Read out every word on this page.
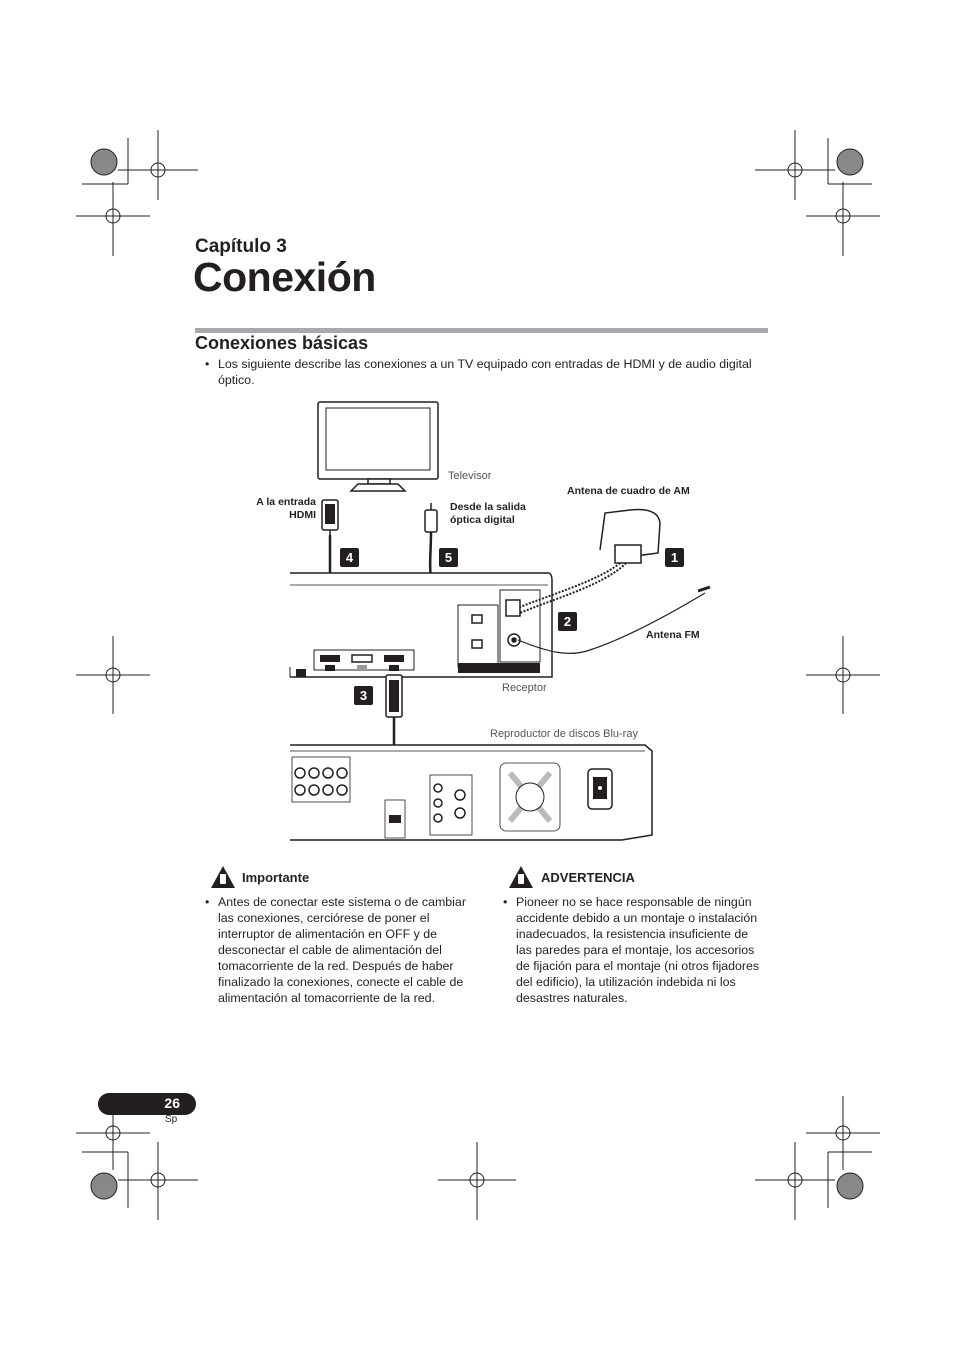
Capítulo 3
Conexión
Conexiones básicas
• Los siguiente describe las conexiones a un TV equipado con entradas de HDMI y de audio digital óptico.
Televisor
A la entrada
HDMI
Desde la salida
óptica digital
Antena de cuadro de AM
Antena FM
Receptor
Reproductor de discos Blu-ray
4	5	1
2
3
Importante
• Antes de conectar este sistema o de cambiar las conexiones, cerciórese de poner el interruptor de alimentación en OFF y de desconectar el cable de alimentación del tomacorriente de la red. Después de haber finalizado la conexiones, conecte el cable de alimentación al tomacorriente de la red.
ADVERTENCIA
• Pioneer no se hace responsable de ningún accidente debido a un montaje o instalación inadecuados, la resistencia insuficiente de las paredes para el montaje, los accesorios de fijación para el montaje (ni otros fijadores del edificio), la utilización indebida ni los desastres naturales.
26
Sp
